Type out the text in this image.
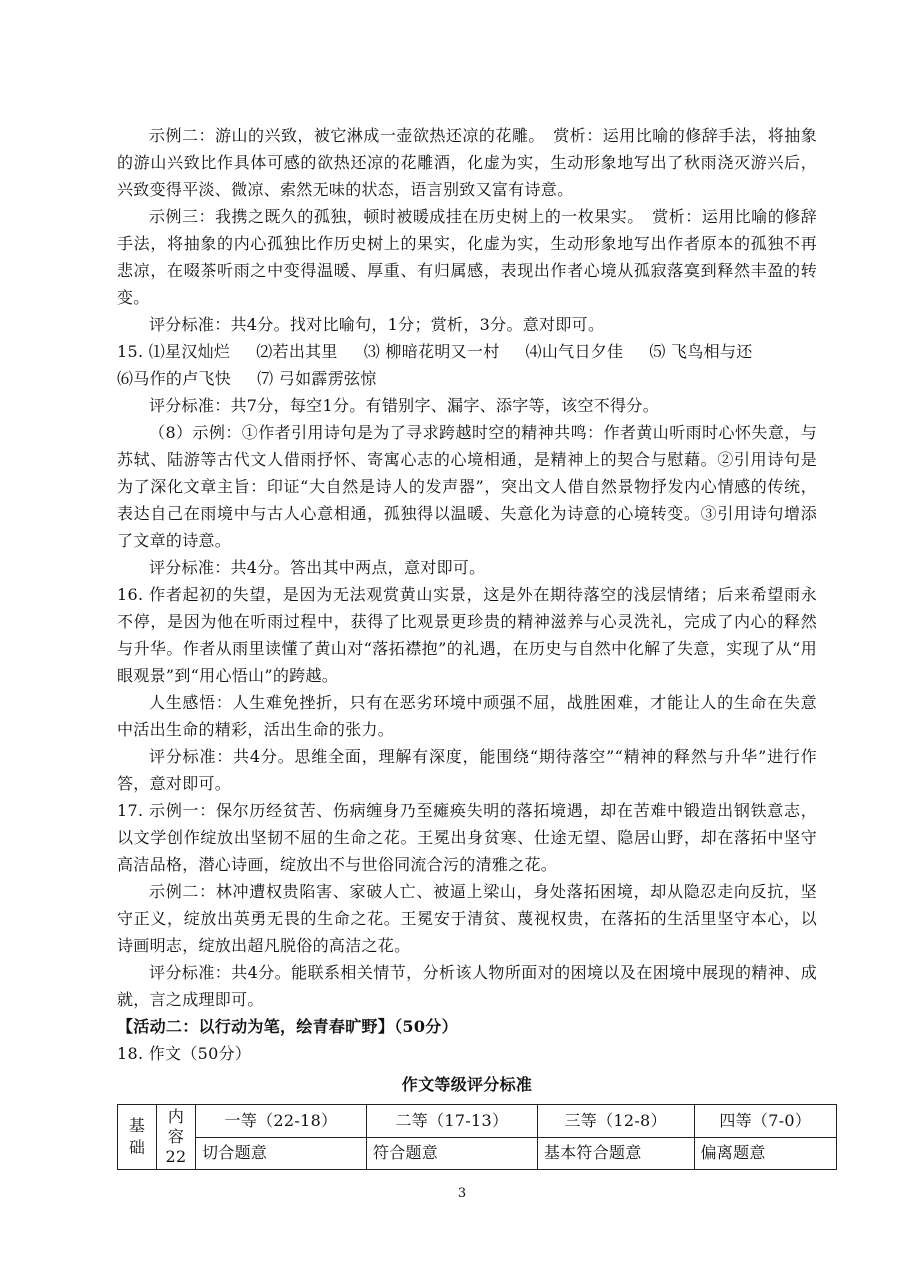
示例二：游山的兴致，被它淋成一壶欲热还凉的花雕。　赏析：运用比喻的修辞手法，将抽象的游山兴致比作具体可感的欲热还凉的花雕酒，化虚为实，生动形象地写出了秋雨浇灭游兴后，兴致变得平淡、微凉、索然无味的状态，语言别致又富有诗意。

示例三：我携之既久的孤独，顿时被暖成挂在历史树上的一枚果实。　赏析：运用比喻的修辞手法，将抽象的内心孤独比作历史树上的果实，化虚为实，生动形象地写出作者原本的孤独不再悲凉，在啜茶听雨之中变得温暖、厚重、有归属感，表现出作者心境从孤寂落寞到释然丰盈的转变。

评分标准：共4分。找对比喻句，1分；赏析，3分。意对即可。

15. ⑴星汉灿烂 ⑵若出其里 ⑶ 柳暗花明又一村 ⑷山气日夕佳 ⑸ 飞鸟相与还

⑹马作的卢飞快 ⑺ 弓如霹雳弦惊

评分标准：共7分，每空1分。有错别字、漏字、添字等，该空不得分。

（8）示例：①作者引用诗句是为了寻求跨越时空的精神共鸣：作者黄山听雨时心怀失意，与苏轼、陆游等古代文人借雨抒怀、寄寓心志的心境相通，是精神上的契合与慰藉。②引用诗句是为了深化文章主旨：印证“大自然是诗人的发声器”，突出文人借自然景物抒发内心情感的传统，表达自己在雨境中与古人心意相通，孤独得以温暖、失意化为诗意的心境转变。③引用诗句增添了文章的诗意。

评分标准：共4分。答出其中两点，意对即可。

16. 作者起初的失望，是因为无法观赏黄山实景，这是外在期待落空的浅层情绪；后来希望雨永不停，是因为他在听雨过程中，获得了比观景更珍贵的精神滋养与心灵洗礼，完成了内心的释然与升华。作者从雨里读懂了黄山对“落拓襟抱”的礼遇，在历史与自然中化解了失意，实现了从“用眼观景”到“用心悟山”的跨越。

人生感悟：人生难免挫折，只有在恶劣环境中顽强不屈，战胜困难，才能让人的生命在失意中活出生命的精彩，活出生命的张力。

评分标准：共4分。思维全面，理解有深度，能围绕“期待落空”“精神的释然与升华”进行作答，意对即可。

17. 示例一：保尔历经贫苦、伤病缠身乃至瘫痪失明的落拓境遇，却在苦难中锻造出钢铁意志，以文学创作绽放出坚韧不屈的生命之花。王冕出身贫寒、仕途无望、隐居山野，却在落拓中坚守高洁品格，潜心诗画，绽放出不与世俗同流合污的清雅之花。

示例二：林冲遭权贵陷害、家破人亡、被逼上梁山，身处落拓困境，却从隐忍走向反抗，坚守正义，绽放出英勇无畏的生命之花。王冕安于清贫、蔑视权贵，在落拓的生活里坚守本心，以诗画明志，绽放出超凡脱俗的高洁之花。

评分标准：共4分。能联系相关情节，分析该人物所面对的困境以及在困境中展现的精神、成就，言之成理即可。

【活动二：以行动为笔，绘青春旷野】（50分）

18. 作文（50分）

作文等级评分标准
基础	内容22	一等（22-18）	二等（17-13）	三等（12-8）	四等（7-0）
		切合题意	符合题意	基本符合题意	偏离题意
3
